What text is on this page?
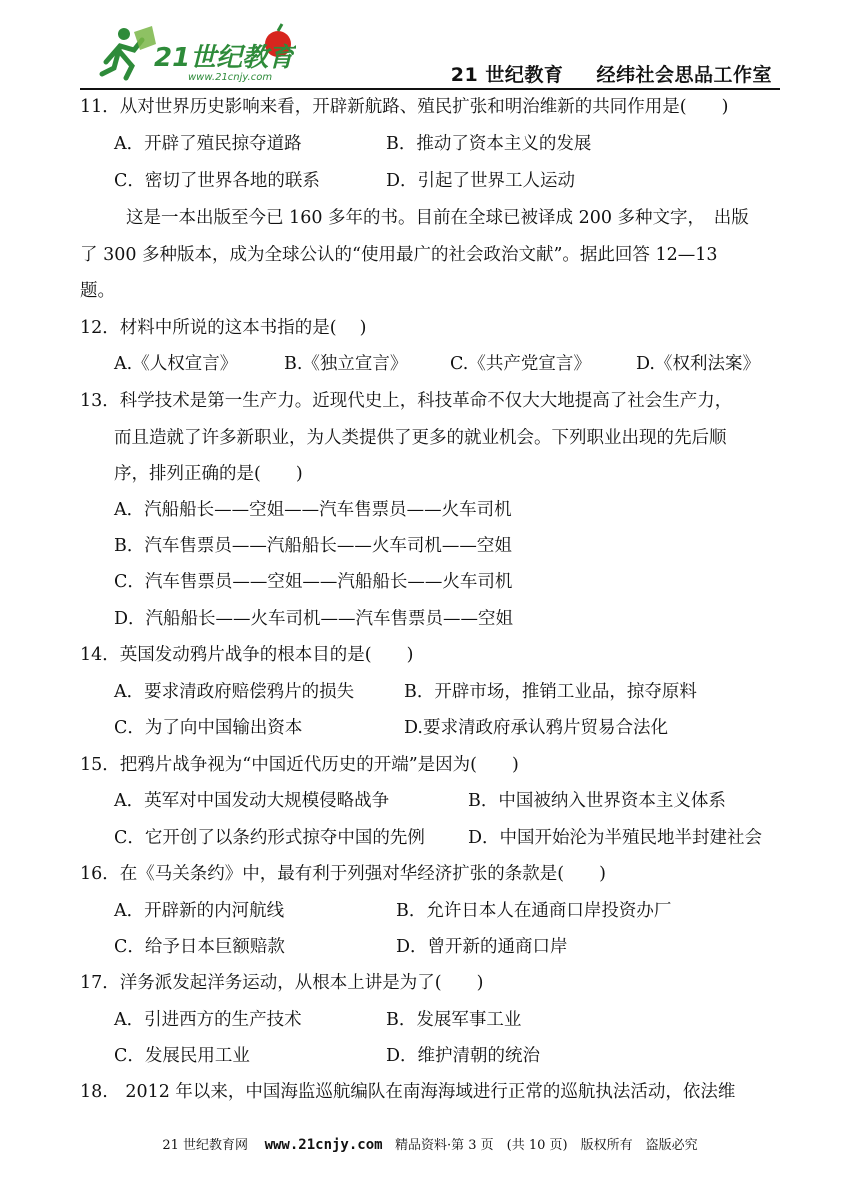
21世纪教育
www.21cnjy.com	21 世纪教育 经纬社会思品工作室
11．从对世界历史影响来看，开辟新航路、殖民扩张和明治维新的共同作用是(　　)
A．开辟了殖民掠夺道路	B．推动了资本主义的发展
C．密切了世界各地的联系	D．引起了世界工人运动
这是一本出版至今已 160 多年的书。目前在全球已被译成 200 多种文字，　出版
了 300 多种版本，成为全球公认的“使用最广的社会政治文献”。据此回答 12—13
题。
12．材料中所说的这本书指的是(　 )
A.《人权宣言》	B.《独立宣言》 C.《共产党宣言》	D.《权利法案》
13．科学技术是第一生产力。近现代史上，科技革命不仅大大地提高了社会生产力，
而且造就了许多新职业，为人类提供了更多的就业机会。下列职业出现的先后顺
序，排列正确的是(　　)
A．汽船船长——空姐——汽车售票员——火车司机
B．汽车售票员——汽船船长——火车司机——空姐
C．汽车售票员——空姐——汽船船长——火车司机
D．汽船船长——火车司机——汽车售票员——空姐
14．英国发动鸦片战争的根本目的是(　　)
A．要求清政府赔偿鸦片的损失	B．开辟市场，推销工业品，掠夺原料
C．为了向中国输出资本	D.要求清政府承认鸦片贸易合法化
15．把鸦片战争视为“中国近代历史的开端”是因为(　　)
A．英军对中国发动大规模侵略战争	B．中国被纳入世界资本主义体系
C．它开创了以条约形式掠夺中国的先例 D．中国开始沦为半殖民地半封建社会
16．在《马关条约》中，最有利于列强对华经济扩张的条款是(　　)
A．开辟新的内河航线	B．允许日本人在通商口岸投资办厂
C．给予日本巨额赔款	D．曾开新的通商口岸
17．洋务派发起洋务运动，从根本上讲是为了(　　)
A．引进西方的生产技术	B．发展军事工业
C．发展民用工业	D．维护清朝的统治
18.　2012 年以来，中国海监巡航编队在南海海域进行正常的巡航执法活动，依法维
21 世纪教育网 www.21cnjy.com 精品资料·第 3 页　(共 10 页)　版权所有　盗版必究
